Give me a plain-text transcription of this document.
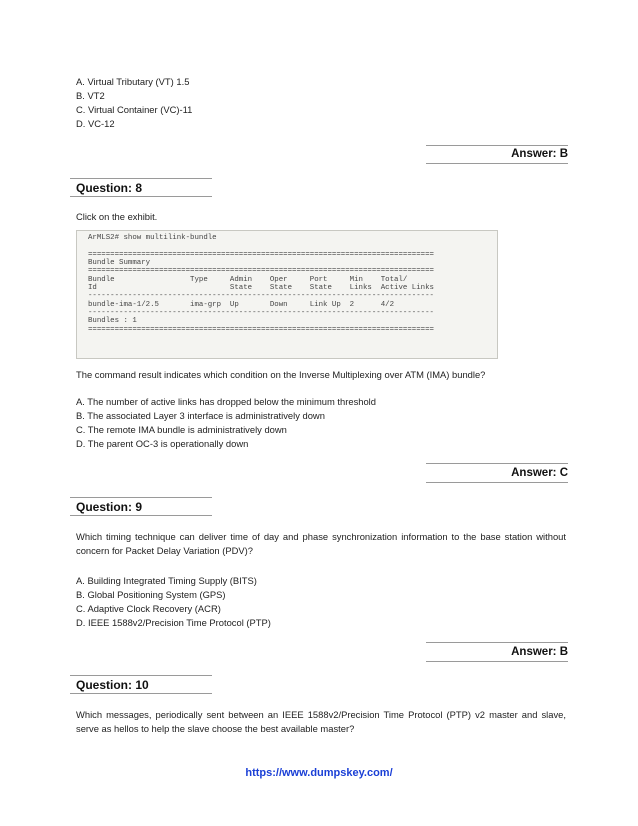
A. Virtual Tributary (VT) 1.5
B. VT2
C. Virtual Container (VC)-11
D. VC-12
Answer: B
Question: 8
Click on the exhibit.
ArMLS2# show multilink-bundle

==============================================================================
Bundle Summary
==============================================================================
Bundle                 Type     Admin    Oper     Port     Min    Total/
Id                              State    State    State    Links  Active Links
------------------------------------------------------------------------------
bundle-ima-1/2.5       ima-grp  Up       Down     Link Up  2      4/2
------------------------------------------------------------------------------
Bundles : 1
==============================================================================
The command result indicates which condition on the Inverse Multiplexing over ATM (IMA) bundle?
A. The number of active links has dropped below the minimum threshold
B. The associated Layer 3 interface is administratively down
C. The remote IMA bundle is administratively down
D. The parent OC-3 is operationally down
Answer: C
Question: 9
Which timing technique can deliver time of day and phase synchronization information to the base station without concern for Packet Delay Variation (PDV)?
A. Building Integrated Timing Supply (BITS)
B. Global Positioning System (GPS)
C. Adaptive Clock Recovery (ACR)
D. IEEE 1588v2/Precision Time Protocol (PTP)
Answer: B
Question: 10
Which messages, periodically sent between an IEEE 1588v2/Precision Time Protocol (PTP) v2 master and slave, serve as hellos to help the slave choose the best available master?
https://www.dumpskey.com/
